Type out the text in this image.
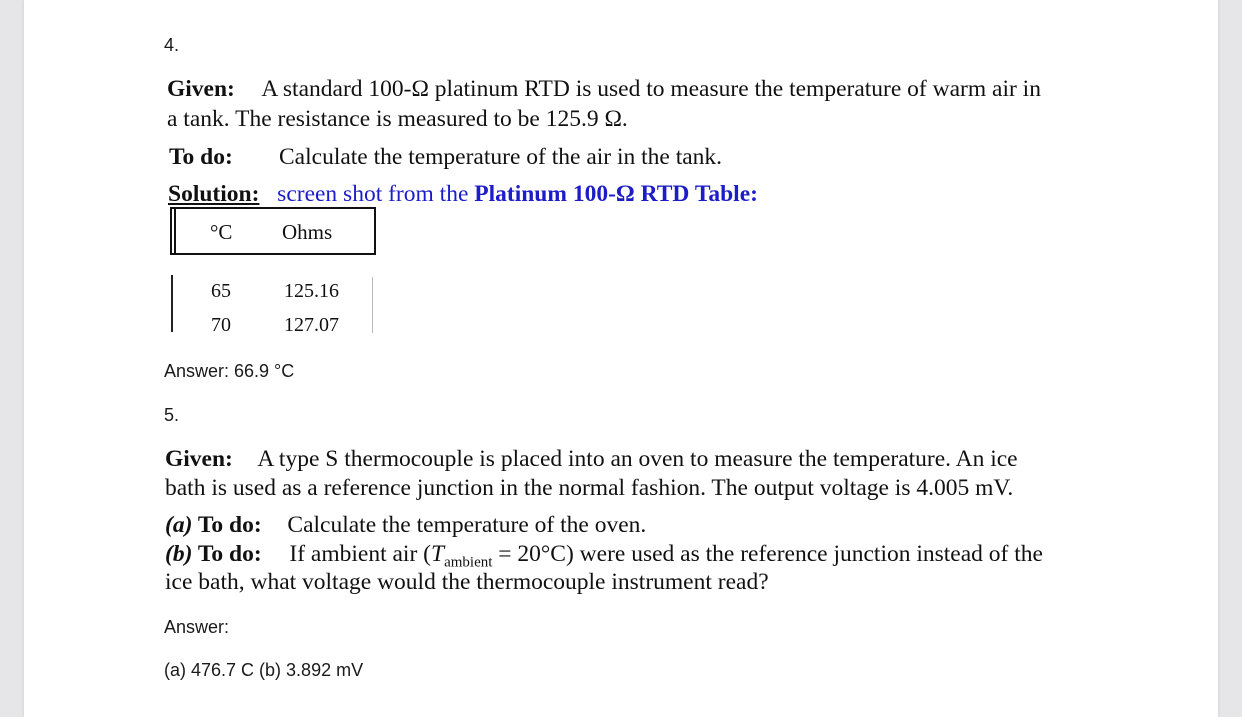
4.
Given: A standard 100-Ω platinum RTD is used to measure the temperature of warm air in
a tank. The resistance is measured to be 125.9 Ω.
To do: Calculate the temperature of the air in the tank.
Solution: screen shot from the Platinum 100-Ω RTD Table:
°C Ohms
65	125.16
70	127.07
Answer: 66.9 °C
5.
Given: A type S thermocouple is placed into an oven to measure the temperature. An ice
bath is used as a reference junction in the normal fashion. The output voltage is 4.005 mV.
(a) To do: Calculate the temperature of the oven.
(b) To do: If ambient air $(T_{ambient} = 20^\circ C)$ were used as the reference junction instead of the
ice bath, what voltage would the thermocouple instrument read?
Answer:
(a) 476.7 C (b) 3.892 mV
